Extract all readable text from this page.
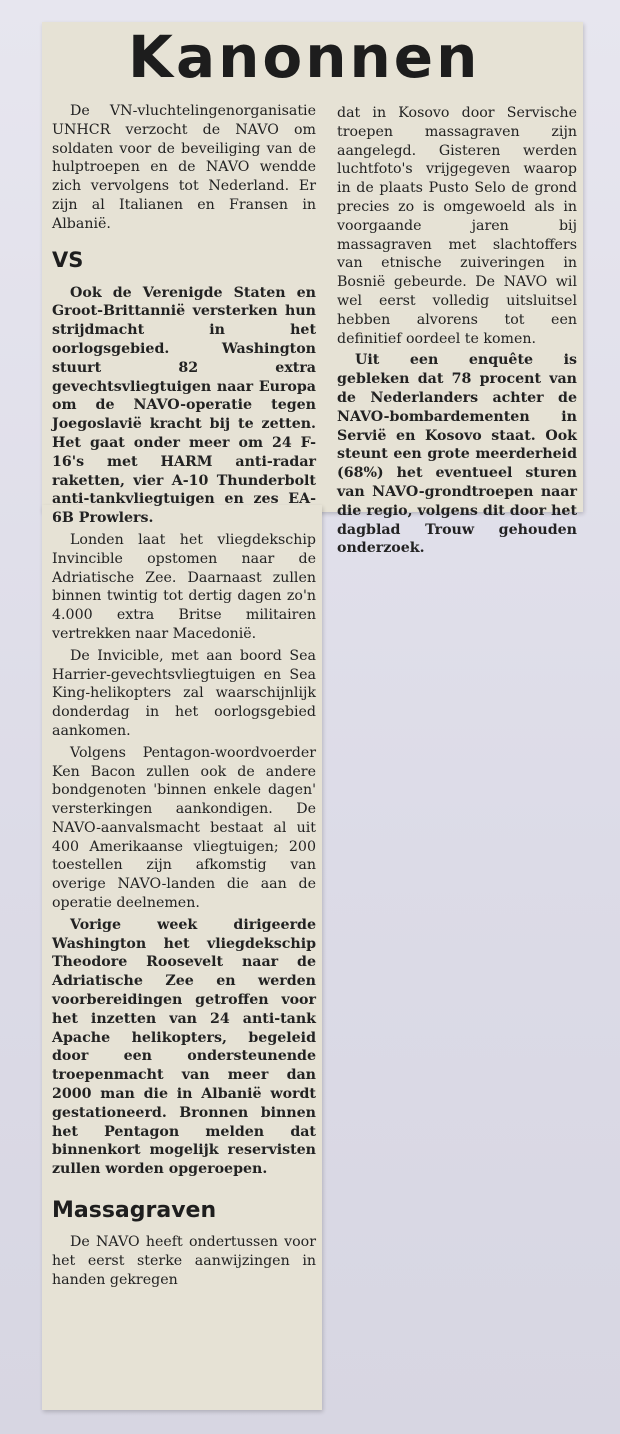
Kanonnen

De VN-vluchtelingenorganisatie UNHCR verzocht de NAVO om soldaten voor de beveiliging van de hulptroepen en de NAVO wendde zich vervolgens tot Nederland. Er zijn al Italianen en Fransen in Albanië.

VS

Ook de Verenigde Staten en Groot-Brittannië versterken hun strijdmacht in het oorlogsgebied. Washington stuurt 82 extra gevechtsvliegtuigen naar Europa om de NAVO-operatie tegen Joegoslavië kracht bij te zetten. Het gaat onder meer om 24 F-16's met HARM anti-radar raketten, vier A-10 Thunderbolt anti-tankvliegtuigen en zes EA-6B Prowlers.

Londen laat het vliegdekschip Invincible opstomen naar de Adriatische Zee. Daarnaast zullen binnen twintig tot dertig dagen zo'n 4.000 extra Britse militairen vertrekken naar Macedonië.

De Invicible, met aan boord Sea Harrier-gevechtsvliegtuigen en Sea King-helikopters zal waarschijnlijk donderdag in het oorlogsgebied aankomen.

Volgens Pentagon-woordvoerder Ken Bacon zullen ook de andere bondgenoten 'binnen enkele dagen' versterkingen aankondigen. De NAVO-aanvalsmacht bestaat al uit 400 Amerikaanse vliegtuigen; 200 toestellen zijn afkomstig van overige NAVO-landen die aan de operatie deelnemen.

Vorige week dirigeerde Washington het vliegdekschip Theodore Roosevelt naar de Adriatische Zee en werden voorbereidingen getroffen voor het inzetten van 24 anti-tank Apache helikopters, begeleid door een ondersteunende troepenmacht van meer dan 2000 man die in Albanië wordt gestationeerd. Bronnen binnen het Pentagon melden dat binnenkort mogelijk reservisten zullen worden opgeroepen.

Massagraven

De NAVO heeft ondertussen voor het eerst sterke aanwijzingen in handen gekregen

dat in Kosovo door Servische troepen massagraven zijn aangelegd. Gisteren werden luchtfoto's vrijgegeven waarop in de plaats Pusto Selo de grond precies zo is omgewoeld als in voorgaande jaren bij massagraven met slachtoffers van etnische zuiveringen in Bosnië gebeurde. De NAVO wil wel eerst volledig uitsluitsel hebben alvorens tot een definitief oordeel te komen.

Uit een enquête is gebleken dat 78 procent van de Nederlanders achter de NAVO-bombardementen in Servië en Kosovo staat. Ook steunt een grote meerderheid (68%) het eventueel sturen van NAVO-grondtroepen naar die regio, volgens dit door het dagblad Trouw gehouden onderzoek.
